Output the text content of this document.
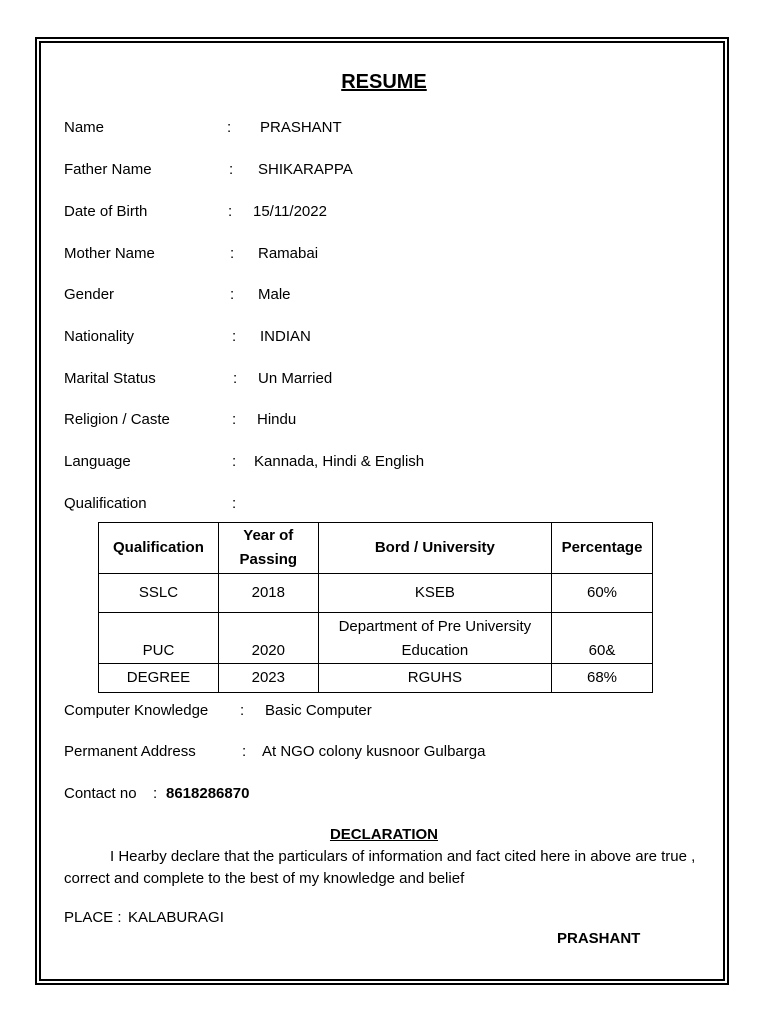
RESUME
Name	: PRASHANT
Father Name	: SHIKARAPPA
Date of Birth	: 15/11/2022
Mother Name	: Ramabai
Gender	: Male
Nationality	: INDIAN
Marital Status	: Un Married
Religion / Caste	: Hindu
Language	: Kannada, Hindi & English
Qualification	:
Qualification	Year of Passing	Bord / University	Percentage
SSLC	2018	KSEB	60%
PUC	2020	Department of Pre University Education	60&
DEGREE	2023	RGUHS	68%
Computer Knowledge : Basic Computer
Permanent Address	: At NGO colony kusnoor Gulbarga
Contact no : 8618286870
DECLARATION
I Hearby declare that the particulars of information and fact cited here in above are true , correct and complete to the best of my knowledge and belief
PLACE : KALABURAGI
PRASHANT
